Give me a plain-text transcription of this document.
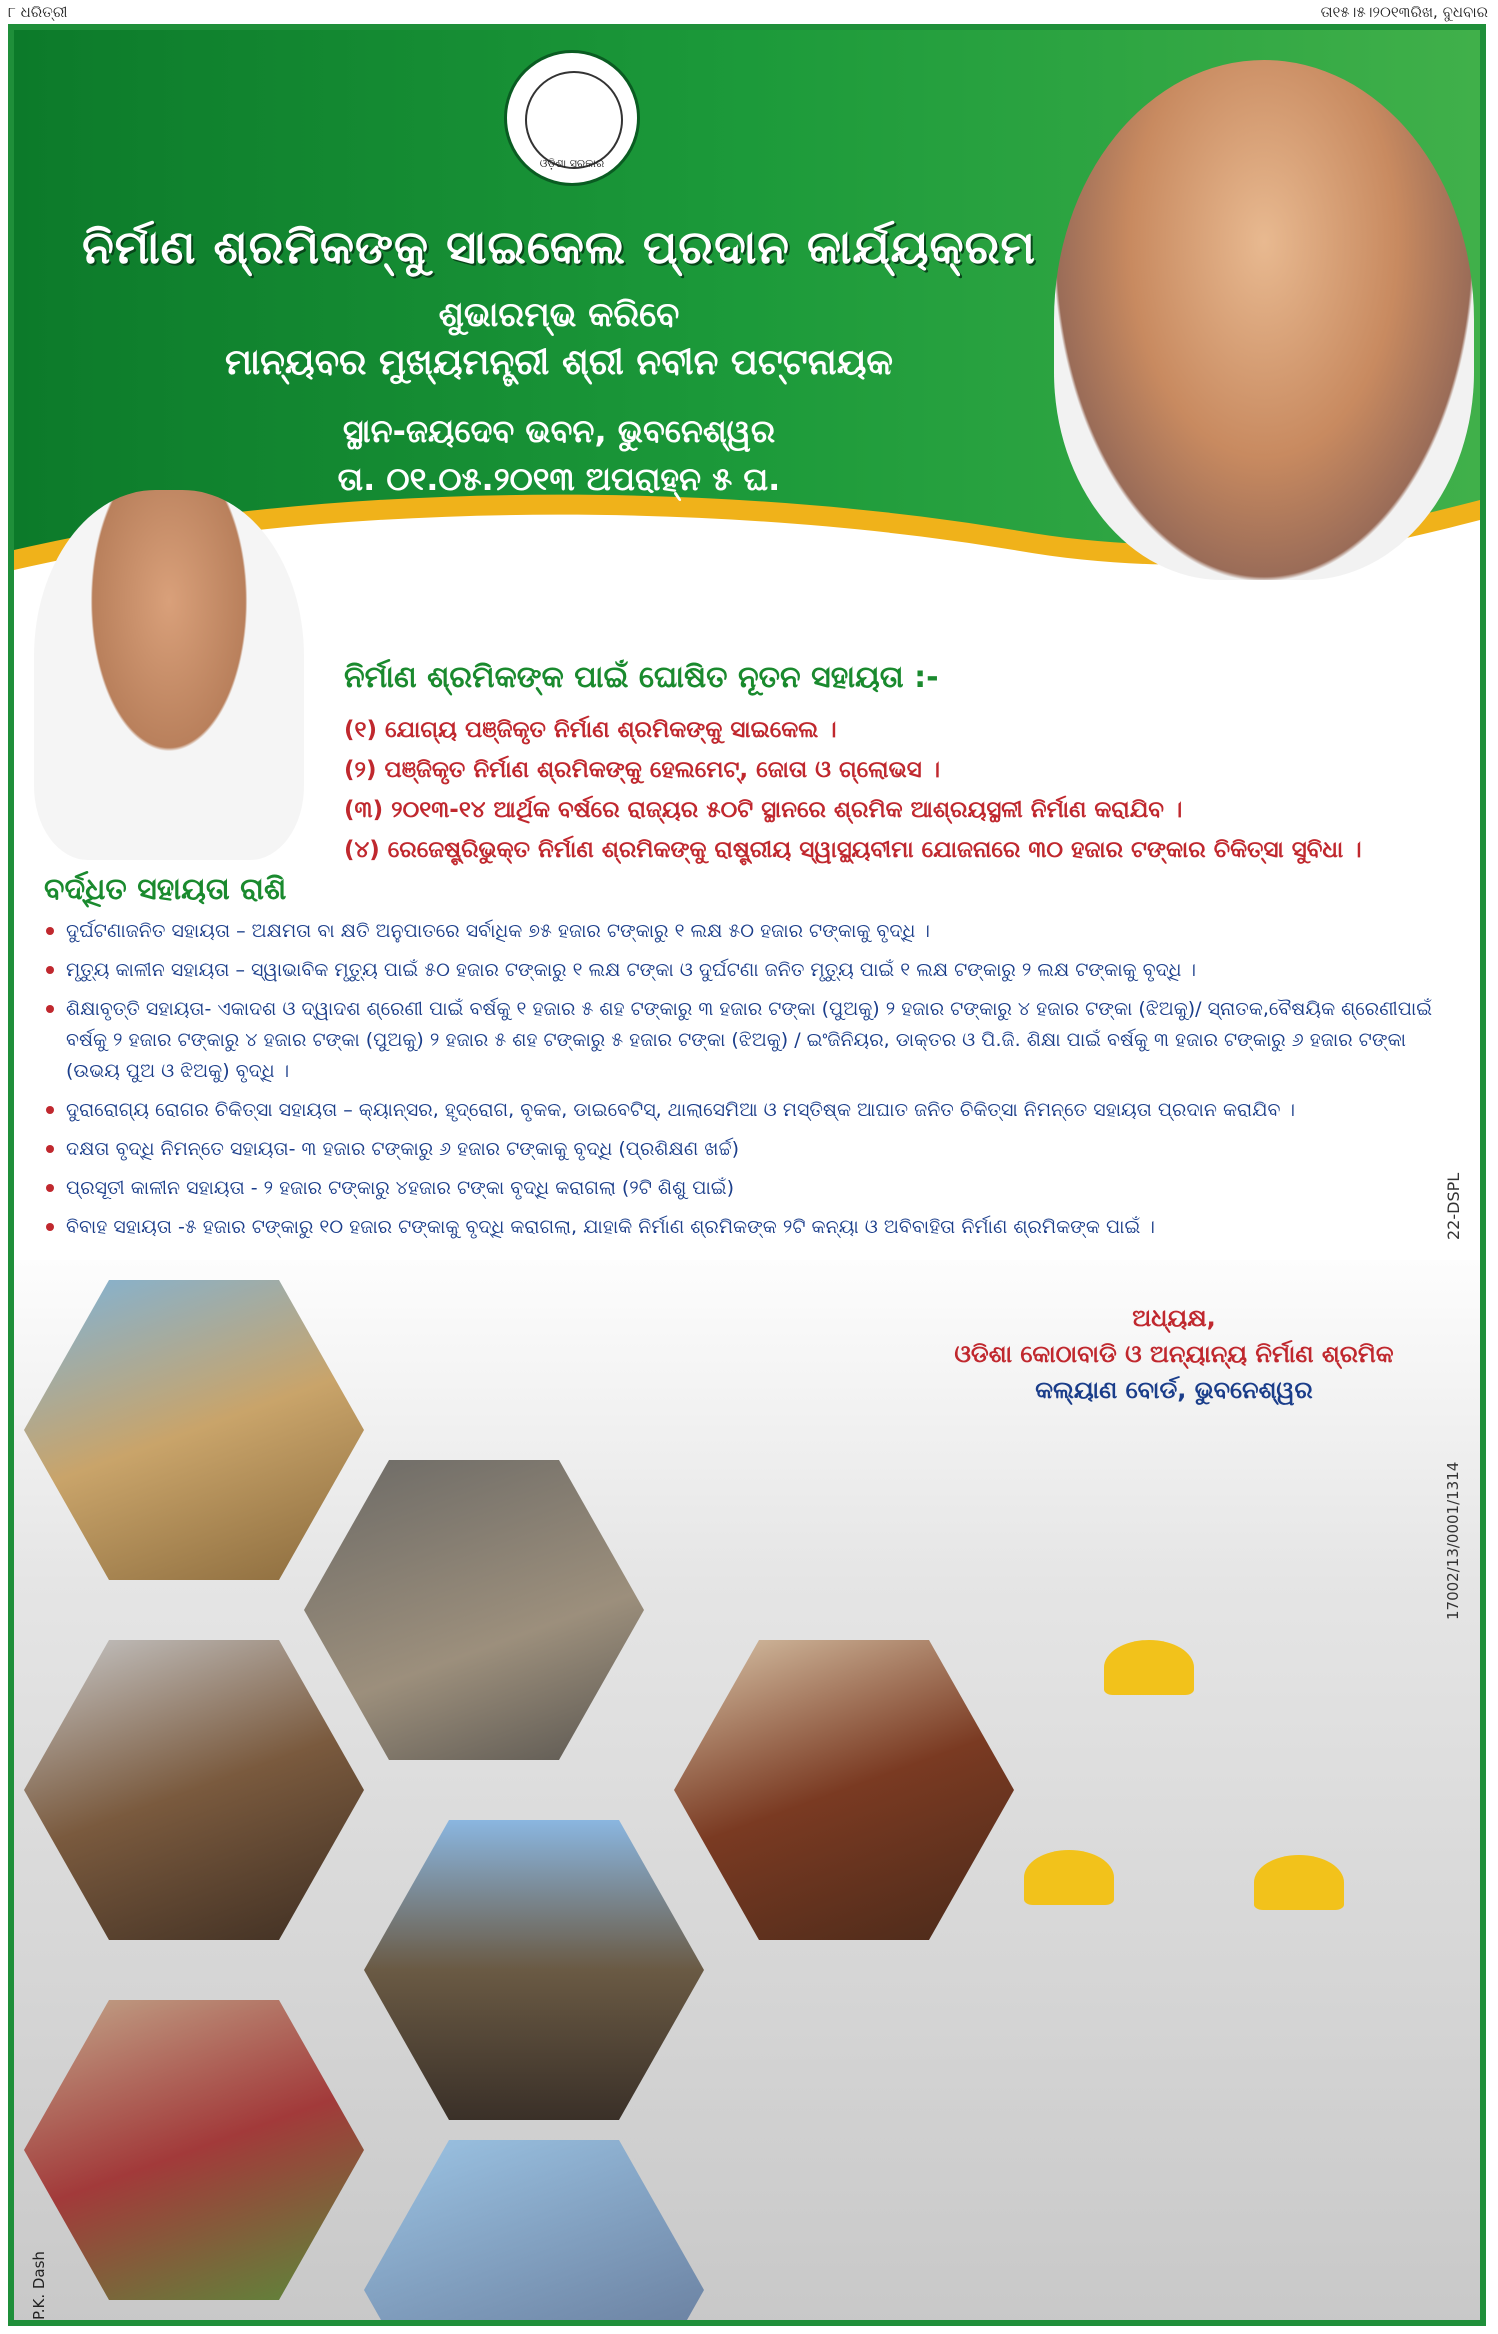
୮ ଧରିତ୍ରୀ	ତା୧୫।୫।୨୦୧୩ରିଖ, ବୁଧବାର
ଓଡ଼ିଶା ସରକାର
ନିର୍ମାଣ ଶ୍ରମିକଙ୍କୁ ସାଇକେଲ ପ୍ରଦାନ କାର୍ଯ୍ୟକ୍ରମ
ଶୁଭାରମ୍ଭ କରିବେ
ମାନ୍ୟବର ମୁଖ୍ୟମନ୍ତ୍ରୀ ଶ୍ରୀ ନବୀନ ପଟ୍ଟନାୟକ
ସ୍ଥାନ-ଜୟଦେବ ଭବନ, ଭୁବନେଶ୍ୱର
ତା. ୦୧.୦୫.୨୦୧୩ ଅପରାହ୍ନ ୫ ଘ.
ନିର୍ମାଣ ଶ୍ରମିକଙ୍କ ପାଇଁ ଘୋଷିତ ନୂତନ ସହାୟତା :-
(୧) ଯୋଗ୍ୟ ପଞ୍ଜିକୃତ ନିର୍ମାଣ ଶ୍ରମିକଙ୍କୁ ସାଇକେଲ ।
(୨) ପଞ୍ଜିକୃତ ନିର୍ମାଣ ଶ୍ରମିକଙ୍କୁ ହେଲମେଟ୍, ଜୋତା ଓ ଗ୍ଲୋଭସ ।
(୩) ୨୦୧୩-୧୪ ଆର୍ଥିକ ବର୍ଷରେ ରାଜ୍ୟର ୫୦ଟି ସ୍ଥାନରେ ଶ୍ରମିକ ଆଶ୍ରୟସ୍ଥଳୀ ନିର୍ମାଣ କରାଯିବ ।
(୪) ରେଜେଷ୍ଟ୍ରିଭୁକ୍ତ ନିର୍ମାଣ ଶ୍ରମିକଙ୍କୁ ରାଷ୍ଟ୍ରୀୟ ସ୍ୱାସ୍ଥ୍ୟବୀମା ଯୋଜନାରେ ୩୦ ହଜାର ଟଙ୍କାର ଚିକିତ୍ସା ସୁବିଧା ।
ବର୍ଦ୍ଧିତ ସହାୟତା ରାଶି
ଦୁର୍ଘଟଣାଜନିତ ସହାୟତା – ଅକ୍ଷମତା ବା କ୍ଷତି ଅନୁପାତରେ ସର୍ବାଧିକ ୭୫ ହଜାର ଟଙ୍କାରୁ ୧ ଲକ୍ଷ ୫୦ ହଜାର ଟଙ୍କାକୁ ବୃଦ୍ଧି ।
ମୃତ୍ୟୁ କାଳୀନ ସହାୟତା – ସ୍ୱାଭାବିକ ମୃତ୍ୟୁ ପାଇଁ ୫୦ ହଜାର ଟଙ୍କାରୁ ୧ ଲକ୍ଷ ଟଙ୍କା ଓ ଦୁର୍ଘଟଣା ଜନିତ ମୃତ୍ୟୁ ପାଇଁ ୧ ଲକ୍ଷ ଟଙ୍କାରୁ ୨ ଲକ୍ଷ ଟଙ୍କାକୁ ବୃଦ୍ଧି ।
ଶିକ୍ଷାବୃତ୍ତି ସହାୟତା- ଏକାଦଶ ଓ ଦ୍ୱାଦଶ ଶ୍ରେଣୀ ପାଇଁ ବର୍ଷକୁ ୧ ହଜାର ୫ ଶହ ଟଙ୍କାରୁ ୩ ହଜାର ଟଙ୍କା (ପୁଅକୁ) ୨ ହଜାର ଟଙ୍କାରୁ ୪ ହଜାର ଟଙ୍କା (ଝିଅକୁ)/ ସ୍ନାତକ,ବୈଷୟିକ ଶ୍ରେଣୀପାଇଁ ବର୍ଷକୁ ୨ ହଜାର ଟଙ୍କାରୁ ୪ ହଜାର ଟଙ୍କା (ପୁଅକୁ) ୨ ହଜାର ୫ ଶହ ଟଙ୍କାରୁ ୫ ହଜାର ଟଙ୍କା (ଝିଅକୁ) / ଇଂଜିନିୟର, ଡାକ୍ତର ଓ ପି.ଜି. ଶିକ୍ଷା ପାଇଁ ବର୍ଷକୁ ୩ ହଜାର ଟଙ୍କାରୁ ୬ ହଜାର ଟଙ୍କା (ଉଭୟ ପୁଅ ଓ ଝିଅକୁ) ବୃଦ୍ଧି ।
ଦୁରାରୋଗ୍ୟ ରୋଗର ଚିକିତ୍ସା ସହାୟତା – କ୍ୟାନ୍ସର, ହୃଦ୍‌ରୋଗ, ବୃକକ, ଡାଇବେଟିସ୍, ଥାଲାସେମିଆ ଓ ମସ୍ତିଷ୍କ ଆଘାତ ଜନିତ ଚିକିତ୍ସା ନିମନ୍ତେ ସହାୟତା ପ୍ରଦାନ କରାଯିବ ।
ଦକ୍ଷତା ବୃଦ୍ଧି ନିମନ୍ତେ ସହାୟତା- ୩ ହଜାର ଟଙ୍କାରୁ ୬ ହଜାର ଟଙ୍କାକୁ ବୃଦ୍ଧି (ପ୍ରଶିକ୍ଷଣ ଖର୍ଚ୍ଚ)
ପ୍ରସୂତୀ କାଳୀନ ସହାୟତା - ୨ ହଜାର ଟଙ୍କାରୁ ୪ହଜାର ଟଙ୍କା ବୃଦ୍ଧି କରାଗଲା (୨ଟି ଶିଶୁ ପାଇଁ)
ବିବାହ ସହାୟତା -୫ ହଜାର ଟଙ୍କାରୁ ୧୦ ହଜାର ଟଙ୍କାକୁ ବୃଦ୍ଧି କରାଗଲା, ଯାହାକି ନିର୍ମାଣ ଶ୍ରମିକଙ୍କ ୨ଟି କନ୍ୟା ଓ ଅବିବାହିତା ନିର୍ମାଣ ଶ୍ରମିକଙ୍କ ପାଇଁ ।
ଅଧ୍ୟକ୍ଷ,
ଓଡିଶା କୋଠାବାଡି ଓ ଅନ୍ୟାନ୍ୟ ନିର୍ମାଣ ଶ୍ରମିକ
କଲ୍ୟାଣ ବୋର୍ଡ, ଭୁବନେଶ୍ୱର
22-DSPL
17002/13/0001/1314
P.K. Dash
